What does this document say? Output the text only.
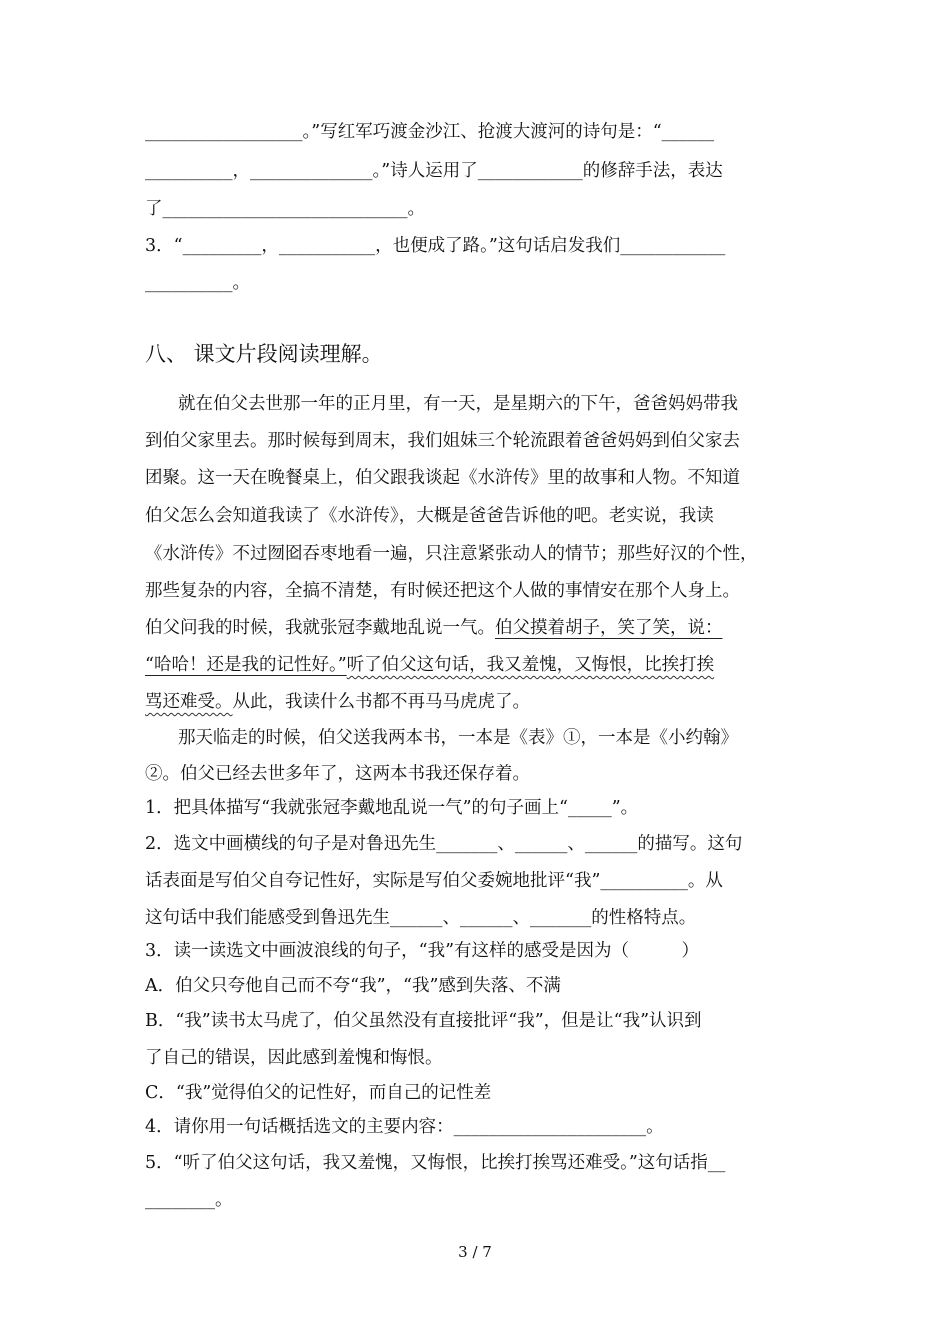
__________________。”写红军巧渡金沙江、抢渡大渡河的诗句是：“______
__________，______________。”诗人运用了____________的修辞手法，表达
了____________________________。
3．“_________，___________，也便成了路。”这句话启发我们____________
__________。
八、 课文片段阅读理解。
就在伯父去世那一年的正月里，有一天，是星期六的下午，爸爸妈妈带我
到伯父家里去。那时候每到周末，我们姐妹三个轮流跟着爸爸妈妈到伯父家去
团聚。这一天在晚餐桌上，伯父跟我谈起《水浒传》里的故事和人物。不知道
伯父怎么会知道我读了《水浒传》，大概是爸爸告诉他的吧。老实说，我读
《水浒传》不过囫囵吞枣地看一遍，只注意紧张动人的情节；那些好汉的个性，
那些复杂的内容，全搞不清楚，有时候还把这个人做的事情安在那个人身上。
伯父问我的时候，我就张冠李戴地乱说一气。伯父摸着胡子，笑了笑，说：
“哈哈！还是我的记性好。”听了伯父这句话，我又羞愧，又悔恨，比挨打挨
骂还难受。从此，我读什么书都不再马马虎虎了。
那天临走的时候，伯父送我两本书，一本是《表》①，一本是《小约翰》
②。伯父已经去世多年了，这两本书我还保存着。
1．把具体描写“我就张冠李戴地乱说一气”的句子画上“_____”。
2．选文中画横线的句子是对鲁迅先生_______、______、______的描写。这句
话表面是写伯父自夸记性好，实际是写伯父委婉地批评“我”__________。从
这句话中我们能感受到鲁迅先生______、______、_______的性格特点。
3．读一读选文中画波浪线的句子，“我”有这样的感受是因为（　　　）
A．伯父只夸他自己而不夸“我”，“我”感到失落、不满
B．“我”读书太马虎了，伯父虽然没有直接批评“我”，但是让“我”认识到
了自己的错误，因此感到羞愧和悔恨。
C．“我”觉得伯父的记性好，而自己的记性差
4．请你用一句话概括选文的主要内容：______________________。
5．“听了伯父这句话，我又羞愧，又悔恨，比挨打挨骂还难受。”这句话指__
________。
3 / 7
